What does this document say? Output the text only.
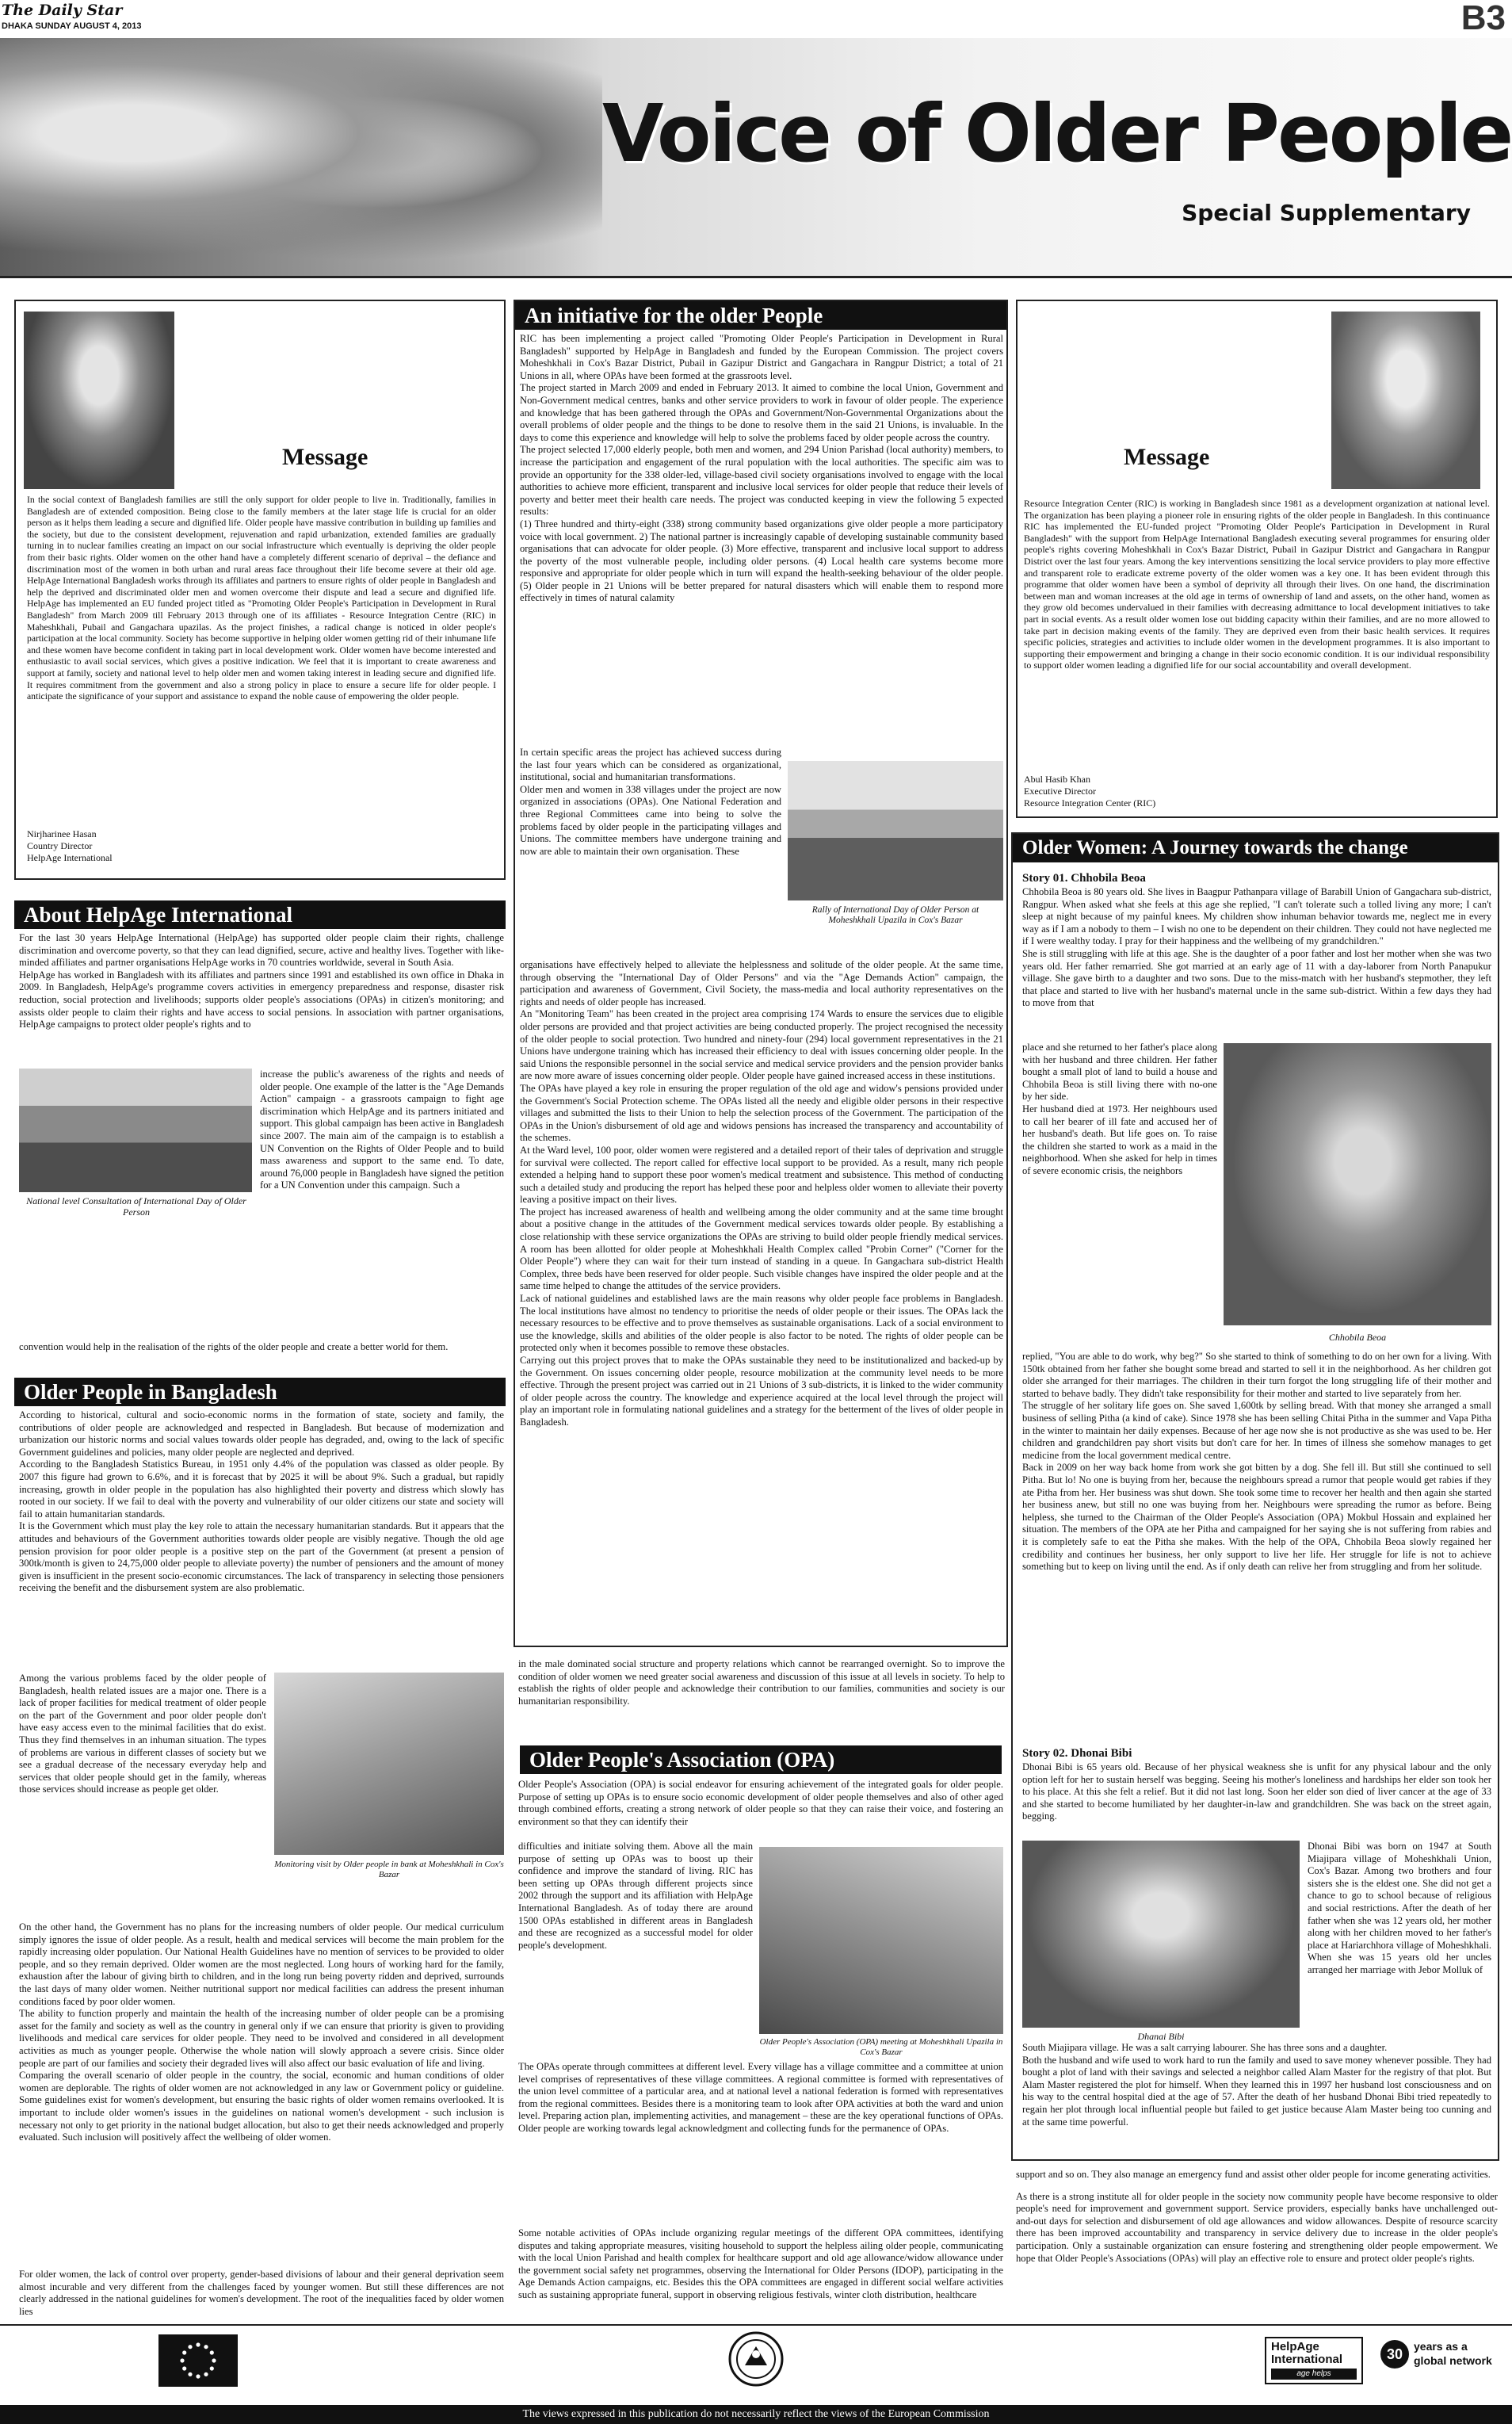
The Daily Star
DHAKA SUNDAY AUGUST 4, 2013	B3
Voice of Older People
Special Supplementary
Message
In the social context of Bangladesh families are still the only support for older people to live in. Traditionally, families in Bangladesh are of extended composition. Being close to the family members at the later stage life is crucial for an older person as it helps them leading a secure and dignified life. Older people have massive contribution in building up families and the society, but due to the consistent development, rejuvenation and rapid urbanization, extended families are gradually turning in to nuclear families creating an impact on our social infrastructure which eventually is depriving the older people from their basic rights. Older women on the other hand have a completely different scenario of deprival – the defiance and discrimination most of the women in both urban and rural areas face throughout their life become severe at their old age. HelpAge International Bangladesh works through its affiliates and partners to ensure rights of older people in Bangladesh and help the deprived and discriminated older men and women overcome their dispute and lead a secure and dignified life. HelpAge has implemented an EU funded project titled as "Promoting Older People's Participation in Development in Rural Bangladesh" from March 2009 till February 2013 through one of its affiliates - Resource Integration Centre (RIC) in Maheshkhali, Pubail and Gangachara upazilas. As the project finishes, a radical change is noticed in older people's participation at the local community. Society has become supportive in helping older women getting rid of their inhumane life and these women have become confident in taking part in local development work. Older women have become interested and enthusiastic to avail social services, which gives a positive indication. We feel that it is important to create awareness and support at family, society and national level to help older men and women taking interest in leading secure and dignified life. It requires commitment from the government and also a strong policy in place to ensure a secure life for older people. I anticipate the significance of your support and assistance to expand the noble cause of empowering the older people.

Nirjharinee Hasan

Country Director

HelpAge International

About HelpAge International

For the last 30 years HelpAge International (HelpAge) has supported older people claim their rights, challenge discrimination and overcome poverty, so that they can lead dignified, secure, active and healthy lives. Together with like-minded affiliates and partner organisations HelpAge works in 70 countries worldwide, several in South Asia.

HelpAge has worked in Bangladesh with its affiliates and partners since 1991 and established its own office in Dhaka in 2009. In Bangladesh, HelpAge's programme covers activities in emergency preparedness and response, disaster risk reduction, social protection and livelihoods; supports older people's associations (OPAs) in citizen's monitoring; and assists older people to claim their rights and have access to social pensions. In association with partner organisations, HelpAge campaigns to protect older people's rights and to

National level Consultation of International Day of Older Person
increase the public's awareness of the rights and needs of older people. One example of the latter is the "Age Demands Action" campaign - a grassroots campaign to fight age discrimination which HelpAge and its partners initiated and support. This global campaign has been active in Bangladesh since 2007. The main aim of the campaign is to establish a UN Convention on the Rights of Older People and to build mass awareness and support to the same end. To date, around 76,000 people in Bangladesh have signed the petition for a UN Convention under this campaign. Such a
convention would help in the realisation of the rights of the older people and create a better world for them.
Older People in Bangladesh

According to historical, cultural and socio-economic norms in the formation of state, society and family, the contributions of older people are acknowledged and respected in Bangladesh. But because of modernization and urbanization our historic norms and social values towards older people has degraded, and, owing to the lack of specific Government guidelines and policies, many older people are neglected and deprived.

According to the Bangladesh Statistics Bureau, in 1951 only 4.4% of the population was classed as older people. By 2007 this figure had grown to 6.6%, and it is forecast that by 2025 it will be about 9%. Such a gradual, but rapidly increasing, growth in older people in the population has also highlighted their poverty and distress which slowly has rooted in our society. If we fail to deal with the poverty and vulnerability of our older citizens our state and society will fail to attain humanitarian standards.

It is the Government which must play the key role to attain the necessary humanitarian standards. But it appears that the attitudes and behaviours of the Government authorities towards older people are visibly negative. Though the old age pension provision for poor older people is a positive step on the part of the Government (at present a pension of 300tk/month is given to 24,75,000 older people to alleviate poverty) the number of pensioners and the amount of money given is insufficient in the present socio-economic circumstances. The lack of transparency in selecting those pensioners receiving the benefit and the disbursement system are also problematic.

Among the various problems faced by the older people of Bangladesh, health related issues are a major one. There is a lack of proper facilities for medical treatment of older people on the part of the Government and poor older people don't have easy access even to the minimal facilities that do exist. Thus they find themselves in an inhuman situation. The types of problems are various in different classes of society but we see a gradual decrease of the necessary everyday help and services that older people should get in the family, whereas those services should increase as people get older.
Monitoring visit by Older people in bank at Moheshkhali in Cox's Bazar

On the other hand, the Government has no plans for the increasing numbers of older people. Our medical curriculum simply ignores the issue of older people. As a result, health and medical services will become the main problem for the rapidly increasing older population. Our National Health Guidelines have no mention of services to be provided to older people, and so they remain deprived. Older women are the most neglected. Long hours of working hard for the family, exhaustion after the labour of giving birth to children, and in the long run being poverty ridden and deprived, surrounds the last days of many older women. Neither nutritional support nor medical facilities can address the present inhuman conditions faced by poor older women.

The ability to function properly and maintain the health of the increasing number of older people can be a promising asset for the family and society as well as the country in general only if we can ensure that priority is given to providing livelihoods and medical care services for older people. They need to be involved and considered in all development activities as much as younger people. Otherwise the whole nation will slowly approach a severe crisis. Since older people are part of our families and society their degraded lives will also affect our basic evaluation of life and living.

Comparing the overall scenario of older people in the country, the social, economic and human conditions of older women are deplorable. The rights of older women are not acknowledged in any law or Government policy or guideline. Some guidelines exist for women's development, but ensuring the basic rights of older women remains overlooked. It is important to include older women's issues in the guidelines on national women's development - such inclusion is necessary not only to get priority in the national budget allocation, but also to get their needs acknowledged and properly evaluated. Such inclusion will positively affect the wellbeing of older women.

For older women, the lack of control over property, gender-based divisions of labour and their general deprivation seem almost incurable and very different from the challenges faced by younger women. But still these differences are not clearly addressed in the national guidelines for women's development. The root of the inequalities faced by older women lies
An initiative for the older People

RIC has been implementing a project called "Promoting Older People's Participation in Development in Rural Bangladesh" supported by HelpAge in Bangladesh and funded by the European Commission. The project covers Moheshkhali in Cox's Bazar District, Pubail in Gazipur District and Gangachara in Rangpur District; a total of 21 Unions in all, where OPAs have been formed at the grassroots level.

The project started in March 2009 and ended in February 2013. It aimed to combine the local Union, Government and Non-Government medical centres, banks and other service providers to work in favour of older people. The experience and knowledge that has been gathered through the OPAs and Government/Non-Governmental Organizations about the overall problems of older people and the things to be done to resolve them in the said 21 Unions, is invaluable. In the days to come this experience and knowledge will help to solve the problems faced by older people across the country.

The project selected 17,000 elderly people, both men and women, and 294 Union Parishad (local authority) members, to increase the participation and engagement of the rural population with the local authorities. The specific aim was to provide an opportunity for the 338 older-led, village-based civil society organisations involved to engage with the local authorities to achieve more efficient, transparent and inclusive local services for older people that reduce their levels of poverty and better meet their health care needs. The project was conducted keeping in view the following 5 expected results:

(1) Three hundred and thirty-eight (338) strong community based organizations give older people a more participatory voice with local government. 2) The national partner is increasingly capable of developing sustainable community based organisations that can advocate for older people. (3) More effective, transparent and inclusive local support to address the poverty of the most vulnerable people, including older persons. (4) Local health care systems become more responsive and appropriate for older people which in turn will expand the health-seeking behaviour of the older people. (5) Older people in 21 Unions will be better prepared for natural disasters which will enable them to respond more effectively in times of natural calamity

In certain specific areas the project has achieved success during the last four years which can be considered as organizational, institutional, social and humanitarian transformations.

Older men and women in 338 villages under the project are now organized in associations (OPAs). One National Federation and three Regional Committees came into being to solve the problems faced by older people in the participating villages and Unions. The committee members have undergone training and now are able to maintain their own organisation. These

Rally of International Day of Older Person at Moheshkhali Upazila in Cox's Bazar

organisations have effectively helped to alleviate the helplessness and solitude of the older people. At the same time, through observing the "International Day of Older Persons" and via the "Age Demands Action" campaign, the participation and awareness of Government, Civil Society, the mass-media and local authority representatives on the rights and needs of older people has increased.

An "Monitoring Team" has been created in the project area comprising 174 Wards to ensure the services due to eligible older persons are provided and that project activities are being conducted properly. The project recognised the necessity of the older people to social protection. Two hundred and ninety-four (294) local government representatives in the 21 Unions have undergone training which has increased their efficiency to deal with issues concerning older people. In the said Unions the responsible personnel in the social service and medical service providers and the pension provider banks are now more aware of issues concerning older people. Older people have gained increased access in these institutions.

The OPAs have played a key role in ensuring the proper regulation of the old age and widow's pensions provided under the Government's Social Protection scheme. The OPAs listed all the needy and eligible older persons in their respective villages and submitted the lists to their Union to help the selection process of the Government. The participation of the OPAs in the Union's disbursement of old age and widows pensions has increased the transparency and accountability of the schemes.

At the Ward level, 100 poor, older women were registered and a detailed report of their tales of deprivation and struggle for survival were collected. The report called for effective local support to be provided. As a result, many rich people extended a helping hand to support these poor women's medical treatment and subsistence. This method of conducting such a detailed study and producing the report has helped these poor and helpless older women to alleviate their poverty leaving a positive impact on their lives.

The project has increased awareness of health and wellbeing among the older community and at the same time brought about a positive change in the attitudes of the Government medical services towards older people. By establishing a close relationship with these service organizations the OPAs are striving to build older people friendly medical services. A room has been allotted for older people at Moheshkhali Health Complex called "Probin Corner" ("Corner for the Older People") where they can wait for their turn instead of standing in a queue. In Gangachara sub-district Health Complex, three beds have been reserved for older people. Such visible changes have inspired the older people and at the same time helped to change the attitudes of the service providers.

Lack of national guidelines and established laws are the main reasons why older people face problems in Bangladesh. The local institutions have almost no tendency to prioritise the needs of older people or their issues. The OPAs lack the necessary resources to be effective and to prove themselves as sustainable organisations. Lack of a social environment to use the knowledge, skills and abilities of the older people is also factor to be noted. The rights of older people can be protected only when it becomes possible to remove these obstacles.

Carrying out this project proves that to make the OPAs sustainable they need to be institutionalized and backed-up by the Government. On issues concerning older people, resource mobilization at the community level needs to be more effective. Through the present project was carried out in 21 Unions of 3 sub-districts, it is linked to the wider community of older people across the country. The knowledge and experience acquired at the local level through the project will play an important role in formulating national guidelines and a strategy for the betterment of the lives of older people in Bangladesh.

in the male dominated social structure and property relations which cannot be rearranged overnight. So to improve the condition of older women we need greater social awareness and discussion of this issue at all levels in society. To help to establish the rights of older people and acknowledge their contribution to our families, communities and society is our humanitarian responsibility.
Older People's Association (OPA)
Older People's Association (OPA) is social endeavor for ensuring achievement of the integrated goals for older people. Purpose of setting up OPAs is to ensure socio economic development of older people themselves and also of other aged through combined efforts, creating a strong network of older people so that they can raise their voice, and fostering an environment so that they can identify their
difficulties and initiate solving them. Above all the main purpose of setting up OPAs was to boost up their confidence and improve the standard of living. RIC has been setting up OPAs through different projects since 2002 through the support and its affiliation with HelpAge International Bangladesh. As of today there are around 1500 OPAs established in different areas in Bangladesh and these are recognized as a successful model for older people's development.
Older People's Association (OPA) meeting at Moheshkhali Upazila in Cox's Bazar
The OPAs operate through committees at different level. Every village has a village committee and a committee at union level comprises of representatives of these village committees. A regional committee is formed with representatives of the union level committee of a particular area, and at national level a national federation is formed with representatives from the regional committees. Besides there is a monitoring team to look after OPA activities at both the ward and union level. Preparing action plan, implementing activities, and management – these are the key operational functions of OPAs. Older people are working towards legal acknowledgment and collecting funds for the permanence of OPAs.
Some notable activities of OPAs include organizing regular meetings of the different OPA committees, identifying disputes and taking appropriate measures, visiting household to support the helpless ailing older people, communicating with the local Union Parishad and health complex for healthcare support and old age allowance/widow allowance under the government social safety net programmes, observing the International for Older Persons (IDOP), participating in the Age Demands Action campaigns, etc. Besides this the OPA committees are engaged in different social welfare activities such as sustaining appropriate funeral, support in observing religious festivals, winter cloth distribution, healthcare
Message
Resource Integration Center (RIC) is working in Bangladesh since 1981 as a development organization at national level. The organization has been playing a pioneer role in ensuring rights of the older people in Bangladesh. In this continuance RIC has implemented the EU-funded project "Promoting Older People's Participation in Development in Rural Bangladesh" with the support from HelpAge International Bangladesh executing several programmes for ensuring older people's rights covering Moheshkhali in Cox's Bazar District, Pubail in Gazipur District and Gangachara in Rangpur District over the last four years. Among the key interventions sensitizing the local service providers to play more effective and transparent role to eradicate extreme poverty of the older women was a key one. It has been evident through this programme that older women have been a symbol of deprivity all through their lives. On one hand, the discrimination between man and woman increases at the old age in terms of ownership of land and assets, on the other hand, women as they grow old becomes undervalued in their families with decreasing admittance to local development initiatives to take part in social events. As a result older women lose out bidding capacity within their families, and are no more allowed to take part in decision making events of the family. They are deprived even from their basic health services. It requires specific policies, strategies and activities to include older women in the development programmes. It is also important to supporting their empowerment and bringing a change in their socio economic condition. It is our individual responsibility to support older women leading a dignified life for our social accountability and overall development.

Abul Hasib Khan

Executive Director

Resource Integration Center (RIC)

Older Women: A Journey towards the change
Story 01. Chhobila Beoa

Chhobila Beoa is 80 years old. She lives in Baagpur Pathanpara village of Barabill Union of Gangachara sub-district, Rangpur. When asked what she feels at this age she replied, "I can't tolerate such a tolled living any more; I can't sleep at night because of my painful knees. My children show inhuman behavior towards me, neglect me in every way as if I am a nobody to them – I wish no one to be dependent on their children. They could not have neglected me if I were wealthy today. I pray for their happiness and the wellbeing of my grandchildren."

She is still struggling with life at this age. She is the daughter of a poor father and lost her mother when she was two years old. Her father remarried. She got married at an early age of 11 with a day-laborer from North Panapukur village. She gave birth to a daughter and two sons. Due to the miss-match with her husband's stepmother, they left that place and started to live with her husband's maternal uncle in the same sub-district. Within a few days they had to move from that

place and she returned to her father's place along with her husband and three children. Her father bought a small plot of land to build a house and Chhobila Beoa is still living there with no-one by her side.

Her husband died at 1973. Her neighbours used to call her bearer of ill fate and accused her of her husband's death. But life goes on. To raise the children she started to work as a maid in the neighborhood. When she asked for help in times of severe economic crisis, the neighbors

Chhobila Beoa

replied, "You are able to do work, why beg?" So she started to think of something to do on her own for a living. With 150tk obtained from her father she bought some bread and started to sell it in the neighborhood. As her children got older she arranged for their marriages. The children in their turn forgot the long struggling life of their mother and started to behave badly. They didn't take responsibility for their mother and started to live separately from her.

The struggle of her solitary life goes on. She saved 1,600tk by selling bread. With that money she arranged a small business of selling Pitha (a kind of cake). Since 1978 she has been selling Chitai Pitha in the summer and Vapa Pitha in the winter to maintain her daily expenses. Because of her age now she is not productive as she was used to be. Her children and grandchildren pay short visits but don't care for her. In times of illness she somehow manages to get medicine from the local government medical centre.

Back in 2009 on her way back home from work she got bitten by a dog. She fell ill. But still she continued to sell Pitha. But lo! No one is buying from her, because the neighbours spread a rumor that people would get rabies if they ate Pitha from her. Her business was shut down. She took some time to recover her health and then again she started her business anew, but still no one was buying from her. Neighbours were spreading the rumor as before. Being helpless, she turned to the Chairman of the Older People's Association (OPA) Mokbul Hossain and explained her situation. The members of the OPA ate her Pitha and campaigned for her saying she is not suffering from rabies and it is completely safe to eat the Pitha she makes. With the help of the OPA, Chhobila Beoa slowly regained her credibility and continues her business, her only support to live her life. Her struggle for life is not to achieve something but to keep on living until the end. As if only death can relive her from struggling and from her solitude.

Story 02. Dhonai Bibi
Dhonai Bibi is 65 years old. Because of her physical weakness she is unfit for any physical labour and the only option left for her to sustain herself was begging. Seeing his mother's loneliness and hardships her elder son took her to his place. At this she felt a relief. But it did not last long. Soon her elder son died of liver cancer at the age of 33 and she started to become humiliated by her daughter-in-law and grandchildren. She was back on the street again, begging.
Dhanai Bibi
Dhonai Bibi was born on 1947 at South Miajipara village of Moheshkhali Union, Cox's Bazar. Among two brothers and four sisters she is the eldest one. She did not get a chance to go to school because of religious and social restrictions. After the death of her father when she was 12 years old, her mother along with her children moved to her father's place at Hariarchhora village of Moheshkhali. When she was 15 years old her uncles arranged her marriage with Jebor Molluk of

South Miajipara village. He was a salt carrying labourer. She has three sons and a daughter.

Both the husband and wife used to work hard to run the family and used to save money whenever possible. They had bought a plot of land with their savings and selected a neighbor called Alam Master for the registry of that plot. But Alam Master registered the plot for himself. When they learned this in 1997 her husband lost consciousness and on his way to the central hospital died at the age of 57. After the death of her husband Dhonai Bibi tried repeatedly to regain her plot through local influential people but failed to get justice because Alam Master being too cunning and at the same time powerful.

support and so on. They also manage an emergency fund and assist other older people for income generating activities.

As there is a strong institute all for older people in the society now community people have become responsive to older people's need for improvement and government support. Service providers, especially banks have unchallenged out-and-out days for selection and disbursement of old age allowances and widow allowances. Despite of resource scarcity there has been improved accountability and transparency in service delivery due to increase in the older people's participation. Only a sustainable organization can ensure fostering and strengthening older people empowerment. We hope that Older People's Associations (OPAs) will play an effective role to ensure and protect older people's rights.

HelpAge
International
age helps
30 years as a
global network
The views expressed in this publication do not necessarily reflect the views of the European Commission
